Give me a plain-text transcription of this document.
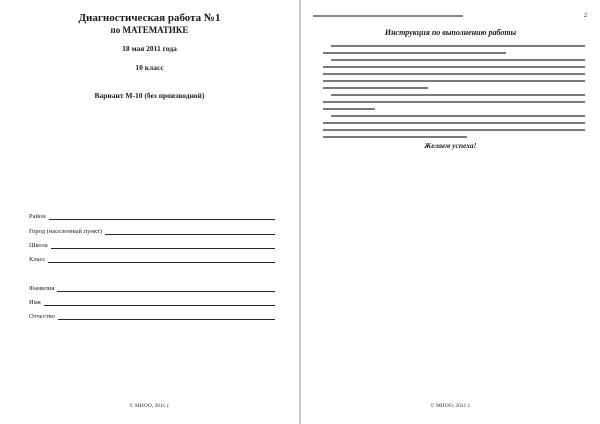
Диагностическая работа №1
по МАТЕМАТИКЕ
18 мая 2011 года
10 класс
Вариант М-10 (без производной)
Район
Город (населенный пункт)
Школа
Класс
Фамилия
Имя
Отчество
© МИОО, 2011 г.
2
Инструкция по выполнению работы
Желаем успеха!
© МИОО, 2011 г.
